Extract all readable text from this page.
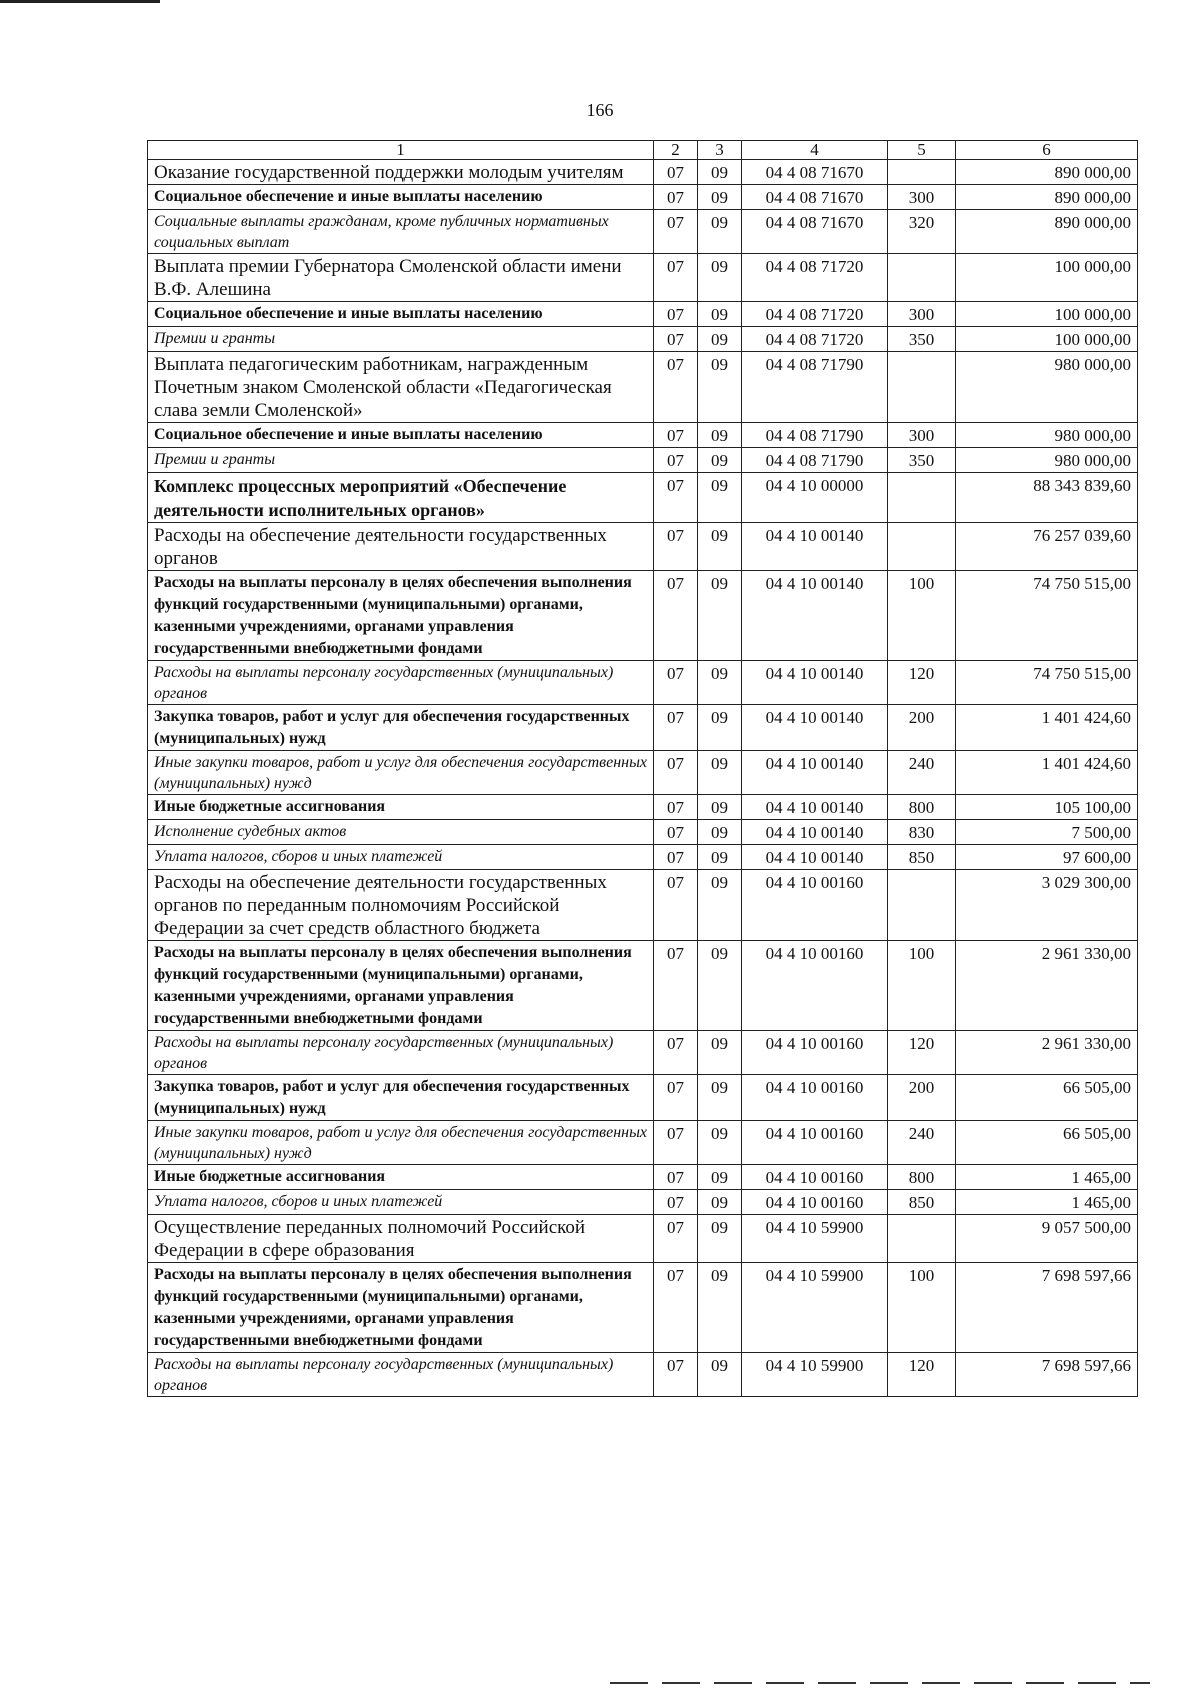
166
1	2	3	4	5	6
Оказание государственной поддержки молодым учителям	07	09	04 4 08 71670		890 000,00
Социальное обеспечение и иные выплаты населению	07	09	04 4 08 71670	300	890 000,00
Социальные выплаты гражданам, кроме публичных нормативных социальных выплат	07	09	04 4 08 71670	320	890 000,00
Выплата премии Губернатора Смоленской области имени В.Ф. Алешина	07	09	04 4 08 71720		100 000,00
Социальное обеспечение и иные выплаты населению	07	09	04 4 08 71720	300	100 000,00
Премии и гранты	07	09	04 4 08 71720	350	100 000,00
Выплата педагогическим работникам, награжденным Почетным знаком Смоленской области «Педагогическая слава земли Смоленской»	07	09	04 4 08 71790		980 000,00
Социальное обеспечение и иные выплаты населению	07	09	04 4 08 71790	300	980 000,00
Премии и гранты	07	09	04 4 08 71790	350	980 000,00
Комплекс процессных мероприятий «Обеспечение деятельности исполнительных органов»	07	09	04 4 10 00000		88 343 839,60
Расходы на обеспечение деятельности государственных органов	07	09	04 4 10 00140		76 257 039,60
Расходы на выплаты персоналу в целях обеспечения выполнения функций государственными (муниципальными) органами, казенными учреждениями, органами управления государственными внебюджетными фондами	07	09	04 4 10 00140	100	74 750 515,00
Расходы на выплаты персоналу государственных (муниципальных) органов	07	09	04 4 10 00140	120	74 750 515,00
Закупка товаров, работ и услуг для обеспечения государственных (муниципальных) нужд	07	09	04 4 10 00140	200	1 401 424,60
Иные закупки товаров, работ и услуг для обеспечения государственных (муниципальных) нужд	07	09	04 4 10 00140	240	1 401 424,60
Иные бюджетные ассигнования	07	09	04 4 10 00140	800	105 100,00
Исполнение судебных актов	07	09	04 4 10 00140	830	7 500,00
Уплата налогов, сборов и иных платежей	07	09	04 4 10 00140	850	97 600,00
Расходы на обеспечение деятельности государственных органов по переданным полномочиям Российской Федерации за счет средств областного бюджета	07	09	04 4 10 00160		3 029 300,00
Расходы на выплаты персоналу в целях обеспечения выполнения функций государственными (муниципальными) органами, казенными учреждениями, органами управления государственными внебюджетными фондами	07	09	04 4 10 00160	100	2 961 330,00
Расходы на выплаты персоналу государственных (муниципальных) органов	07	09	04 4 10 00160	120	2 961 330,00
Закупка товаров, работ и услуг для обеспечения государственных (муниципальных) нужд	07	09	04 4 10 00160	200	66 505,00
Иные закупки товаров, работ и услуг для обеспечения государственных (муниципальных) нужд	07	09	04 4 10 00160	240	66 505,00
Иные бюджетные ассигнования	07	09	04 4 10 00160	800	1 465,00
Уплата налогов, сборов и иных платежей	07	09	04 4 10 00160	850	1 465,00
Осуществление переданных полномочий Российской Федерации в сфере образования	07	09	04 4 10 59900		9 057 500,00
Расходы на выплаты персоналу в целях обеспечения выполнения функций государственными (муниципальными) органами, казенными учреждениями, органами управления государственными внебюджетными фондами	07	09	04 4 10 59900	100	7 698 597,66
Расходы на выплаты персоналу государственных (муниципальных) органов	07	09	04 4 10 59900	120	7 698 597,66
